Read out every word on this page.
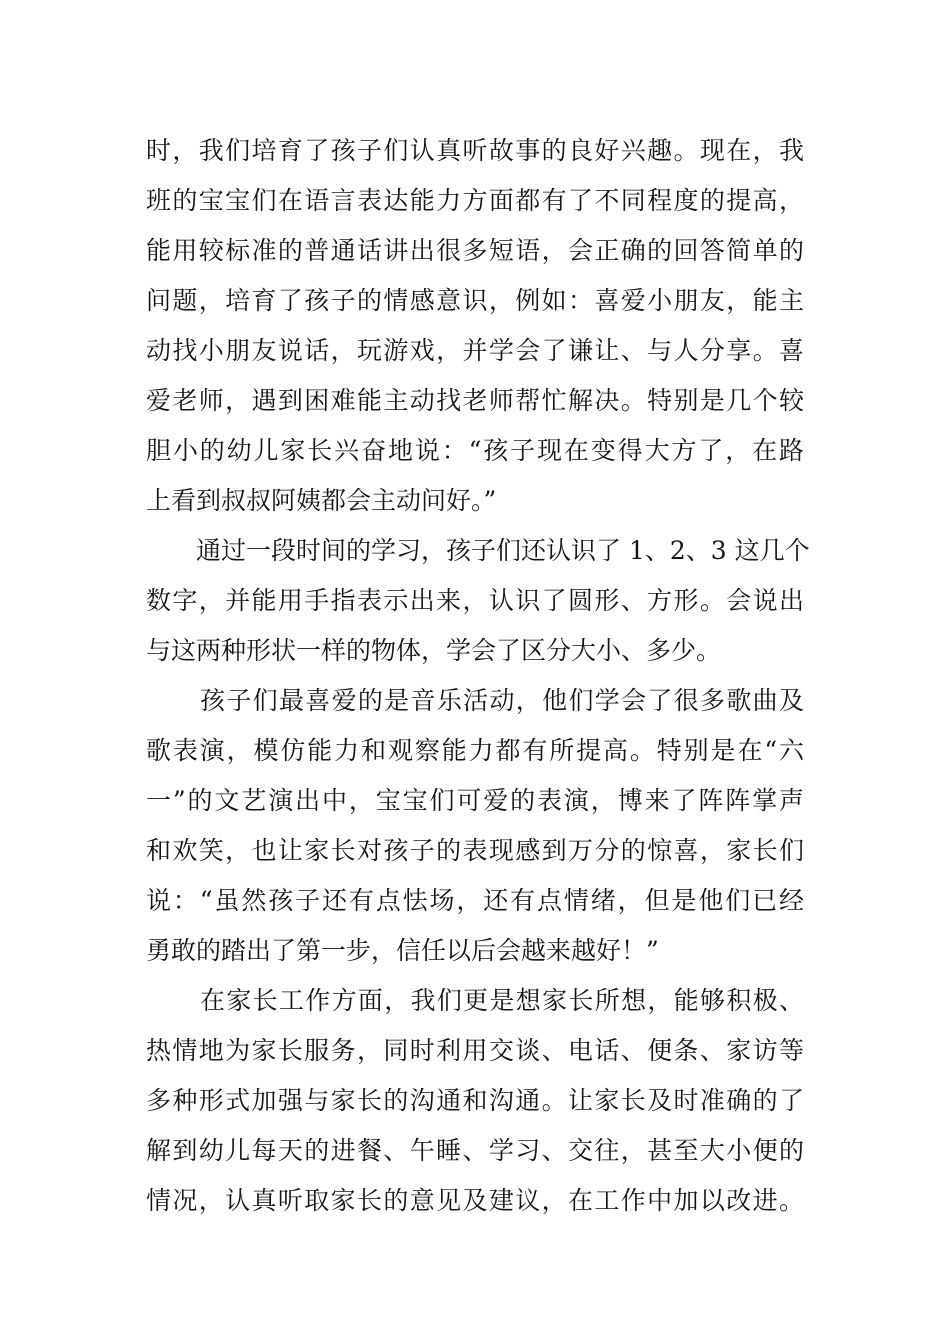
时，我们培育了孩子们认真听故事的良好兴趣。现在，我
班的宝宝们在语言表达能力方面都有了不同程度的提高，
能用较标准的普通话讲出很多短语，会正确的回答简单的
问题，培育了孩子的情感意识，例如：喜爱小朋友，能主
动找小朋友说话，玩游戏，并学会了谦让、与人分享。喜
爱老师，遇到困难能主动找老师帮忙解决。特别是几个较
胆小的幼儿家长兴奋地说：“孩子现在变得大方了，在路
上看到叔叔阿姨都会主动问好。”
通过一段时间的学习，孩子们还认识了 1、2、3 这几个
数字，并能用手指表示出来，认识了圆形、方形。会说出
与这两种形状一样的物体，学会了区分大小、多少。
孩子们最喜爱的是音乐活动，他们学会了很多歌曲及
歌表演，模仿能力和观察能力都有所提高。特别是在“六
一”的文艺演出中，宝宝们可爱的表演，博来了阵阵掌声
和欢笑，也让家长对孩子的表现感到万分的惊喜，家长们
说：“虽然孩子还有点怯场，还有点情绪，但是他们已经
勇敢的踏出了第一步，信任以后会越来越好！”
在家长工作方面，我们更是想家长所想，能够积极、
热情地为家长服务，同时利用交谈、电话、便条、家访等
多种形式加强与家长的沟通和沟通。让家长及时准确的了
解到幼儿每天的进餐、午睡、学习、交往，甚至大小便的
情况，认真听取家长的意见及建议，在工作中加以改进。
